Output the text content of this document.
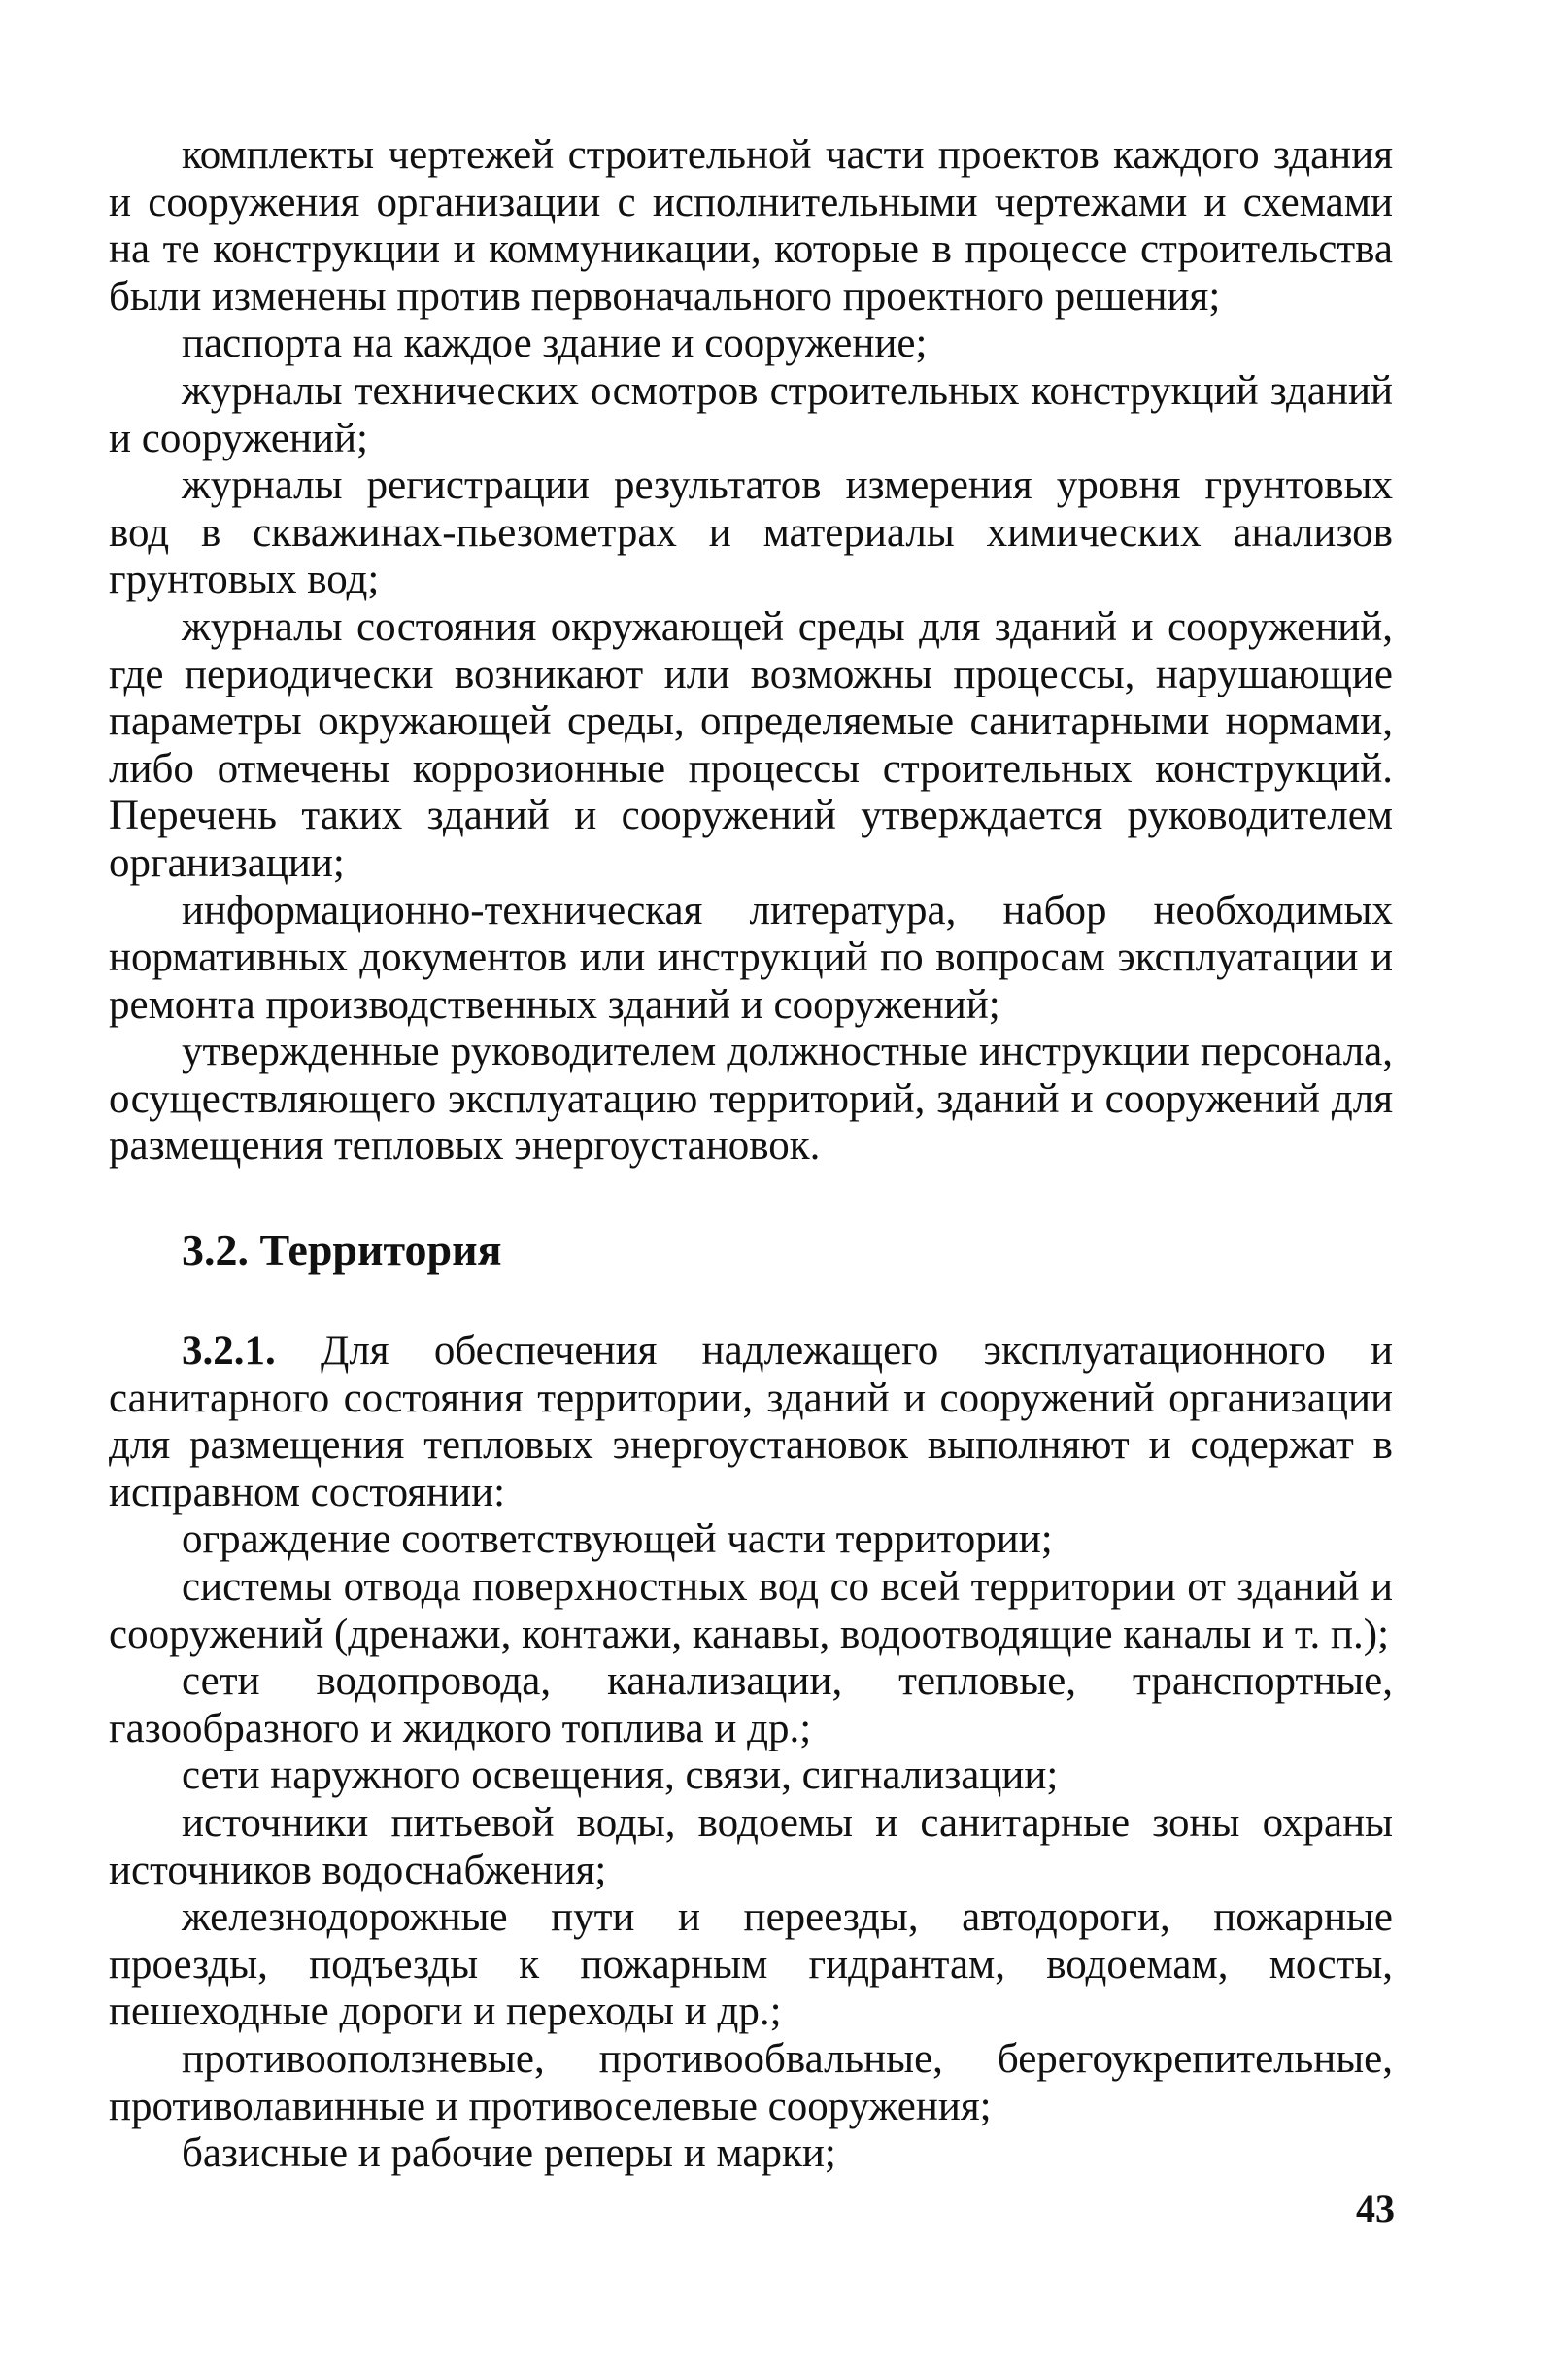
комплекты чертежей строительной части проектов каждого здания и сооружения организации с исполнительными чертежами и схемами на те конструкции и коммуникации, которые в процессе строительства были изменены против первоначального проектного решения;

паспорта на каждое здание и сооружение;

журналы технических осмотров строительных конструкций зданий и сооружений;

журналы регистрации результатов измерения уровня грунтовых вод в скважинах-пьезометрах и материалы химических анализов грунтовых вод;

журналы состояния окружающей среды для зданий и сооружений, где периодически возникают или возможны процессы, нарушающие параметры окружающей среды, определяемые санитарными нормами, либо отмечены коррозионные процессы строительных конструкций. Перечень таких зданий и сооружений утверждается руководителем организации;

информационно-техническая литература, набор необходимых нормативных документов или инструкций по вопросам эксплуатации и ремонта производственных зданий и сооружений;

утвержденные руководителем должностные инструкции персонала, осуществляющего эксплуатацию территорий, зданий и сооружений для размещения тепловых энергоустановок.

3.2. Территория

3.2.1. Для обеспечения надлежащего эксплуатационного и санитарного состояния территории, зданий и сооружений организации для размещения тепловых энергоустановок выполняют и содержат в исправном состоянии:

ограждение соответствующей части территории;

системы отвода поверхностных вод со всей территории от зданий и сооружений (дренажи, контажи, канавы, водоотводящие каналы и т. п.);

сети водопровода, канализации, тепловые, транспортные, газообразного и жидкого топлива и др.;

сети наружного освещения, связи, сигнализации;

источники питьевой воды, водоемы и санитарные зоны охраны источников водоснабжения;

железнодорожные пути и переезды, автодороги, пожарные проезды, подъезды к пожарным гидрантам, водоемам, мосты, пешеходные дороги и переходы и др.;

противооползневые, противообвальные, берегоукрепительные, противолавинные и противоселевые сооружения;

базисные и рабочие реперы и марки;

43
